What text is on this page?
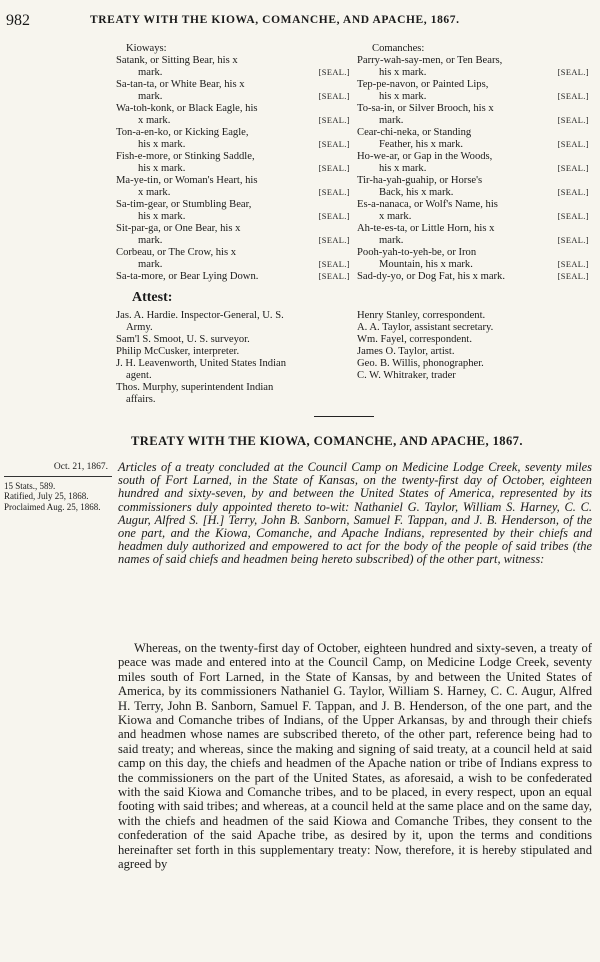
982	TREATY WITH THE KIOWA, COMANCHE, AND APACHE, 1867.
Kioways:
Satank, or Sitting Bear, his x
mark.	[SEAL.]
Sa-tan-ta, or White Bear, his x
mark.	[SEAL.]
Wa-toh-konk, or Black Eagle, his
x mark.	[SEAL.]
Ton-a-en-ko, or Kicking Eagle,
his x mark.	[SEAL.]
Fish-e-more, or Stinking Saddle,
his x mark.	[SEAL.]
Ma-ye-tin, or Woman's Heart, his
x mark.	[SEAL.]
Sa-tim-gear, or Stumbling Bear,
his x mark.	[SEAL.]
Sit-par-ga, or One Bear, his x
mark.	[SEAL.]
Corbeau, or The Crow, his x
mark.	[SEAL.]
Sa-ta-more, or Bear Lying Down.	[SEAL.]
Comanches:
Parry-wah-say-men, or Ten Bears,
his x mark.	[SEAL.]
Tep-pe-navon, or Painted Lips,
his x mark.	[SEAL.]
To-sa-in, or Silver Brooch, his x
mark.	[SEAL.]
Cear-chi-neka, or Standing
Feather, his x mark.	[SEAL.]
Ho-we-ar, or Gap in the Woods,
his x mark.	[SEAL.]
Tir-ha-yah-guahip, or Horse's
Back, his x mark.	[SEAL.]
Es-a-nanaca, or Wolf's Name, his
x mark.	[SEAL.]
Ah-te-es-ta, or Little Horn, his x
mark.	[SEAL.]
Pooh-yah-to-yeh-be, or Iron
Mountain, his x mark.	[SEAL.]
Sad-dy-yo, or Dog Fat, his x mark.	[SEAL.]
Attest:
Jas. A. Hardie. Inspector-General, U. S.
Army.
Sam'l S. Smoot, U. S. surveyor.
Philip McCusker, interpreter.
J. H. Leavenworth, United States Indian
agent.
Thos. Murphy, superintendent Indian
affairs.
Henry Stanley, correspondent.
A. A. Taylor, assistant secretary.
Wm. Fayel, correspondent.
James O. Taylor, artist.
Geo. B. Willis, phonographer.
C. W. Whitraker, trader
TREATY WITH THE KIOWA, COMANCHE, AND APACHE, 1867.
Oct. 21, 1867.
15 Stats., 589.
Ratified, July 25, 1868.
Proclaimed Aug. 25, 1868.
Articles of a treaty concluded at the Council Camp on Medicine Lodge Creek, seventy miles south of Fort Larned, in the State of Kansas, on the twenty-first day of October, eighteen hundred and sixty-seven, by and between the United States of America, represented by its commissioners duly appointed thereto to-wit: Nathaniel G. Taylor, William S. Harney, C. C. Augur, Alfred S. [H.] Terry, John B. Sanborn, Samuel F. Tappan, and J. B. Henderson, of the one part, and the Kiowa, Comanche, and Apache Indians, represented by their chiefs and headmen duly authorized and empowered to act for the body of the people of said tribes (the names of said chiefs and headmen being hereto subscribed) of the other part, witness:
Whereas, on the twenty-first day of October, eighteen hundred and sixty-seven, a treaty of peace was made and entered into at the Council Camp, on Medicine Lodge Creek, seventy miles south of Fort Larned, in the State of Kansas, by and between the United States of America, by its commissioners Nathaniel G. Taylor, William S. Harney, C. C. Augur, Alfred H. Terry, John B. Sanborn, Samuel F. Tappan, and J. B. Henderson, of the one part, and the Kiowa and Comanche tribes of Indians, of the Upper Arkansas, by and through their chiefs and headmen whose names are subscribed thereto, of the other part, reference being had to said treaty; and whereas, since the making and signing of said treaty, at a council held at said camp on this day, the chiefs and headmen of the Apache nation or tribe of Indians express to the commissioners on the part of the United States, as aforesaid, a wish to be confederated with the said Kiowa and Comanche tribes, and to be placed, in every respect, upon an equal footing with said tribes; and whereas, at a council held at the same place and on the same day, with the chiefs and headmen of the said Kiowa and Comanche Tribes, they consent to the confederation of the said Apache tribe, as desired by it, upon the terms and conditions hereinafter set forth in this supplementary treaty: Now, therefore, it is hereby stipulated and agreed by
